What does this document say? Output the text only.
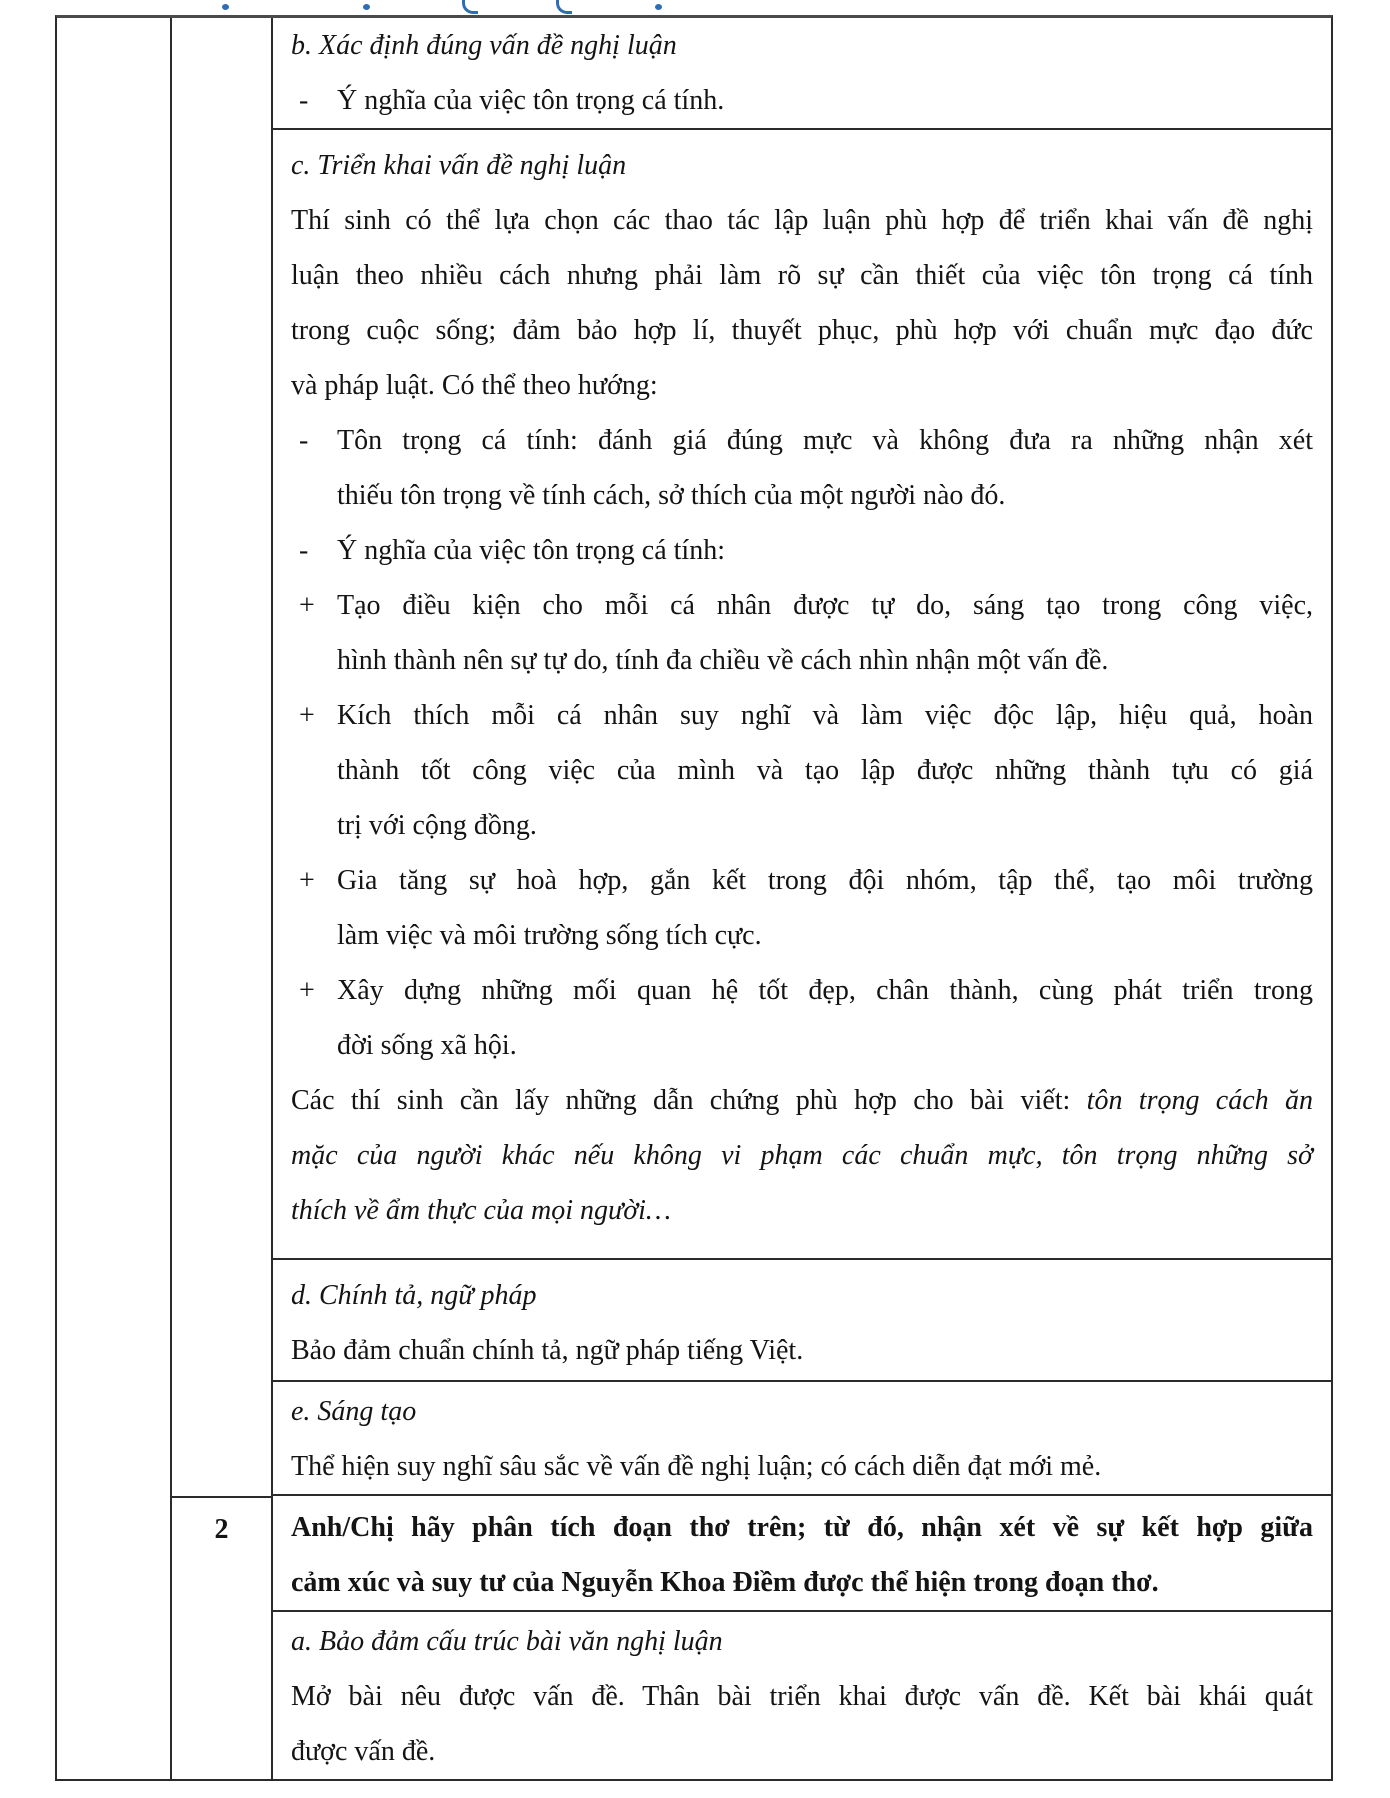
2
b. Xác định đúng vấn đề nghị luận
- Ý nghĩa của việc tôn trọng cá tính.
c. Triển khai vấn đề nghị luận
Thí sinh có thể lựa chọn các thao tác lập luận phù hợp để triển khai vấn đề nghị
luận theo nhiều cách nhưng phải làm rõ sự cần thiết của việc tôn trọng cá tính
trong cuộc sống; đảm bảo hợp lí, thuyết phục, phù hợp với chuẩn mực đạo đức
và pháp luật. Có thể theo hướng:
- Tôn trọng cá tính: đánh giá đúng mực và không đưa ra những nhận xét
thiếu tôn trọng về tính cách, sở thích của một người nào đó.
- Ý nghĩa của việc tôn trọng cá tính:
+ Tạo điều kiện cho mỗi cá nhân được tự do, sáng tạo trong công việc,
hình thành nên sự tự do, tính đa chiều về cách nhìn nhận một vấn đề.
+ Kích thích mỗi cá nhân suy nghĩ và làm việc độc lập, hiệu quả, hoàn
thành tốt công việc của mình và tạo lập được những thành tựu có giá
trị với cộng đồng.
+ Gia tăng sự hoà hợp, gắn kết trong đội nhóm, tập thể, tạo môi trường
làm việc và môi trường sống tích cực.
+ Xây dựng những mối quan hệ tốt đẹp, chân thành, cùng phát triển trong
đời sống xã hội.
Các thí sinh cần lấy những dẫn chứng phù hợp cho bài viết: tôn trọng cách ăn
mặc của người khác nếu không vi phạm các chuẩn mực, tôn trọng những sở
thích về ẩm thực của mọi người…
d. Chính tả, ngữ pháp
Bảo đảm chuẩn chính tả, ngữ pháp tiếng Việt.
e. Sáng tạo
Thể hiện suy nghĩ sâu sắc về vấn đề nghị luận; có cách diễn đạt mới mẻ.
Anh/Chị hãy phân tích đoạn thơ trên; từ đó, nhận xét về sự kết hợp giữa
cảm xúc và suy tư của Nguyễn Khoa Điềm được thể hiện trong đoạn thơ.
a. Bảo đảm cấu trúc bài văn nghị luận
Mở bài nêu được vấn đề. Thân bài triển khai được vấn đề. Kết bài khái quát
được vấn đề.
